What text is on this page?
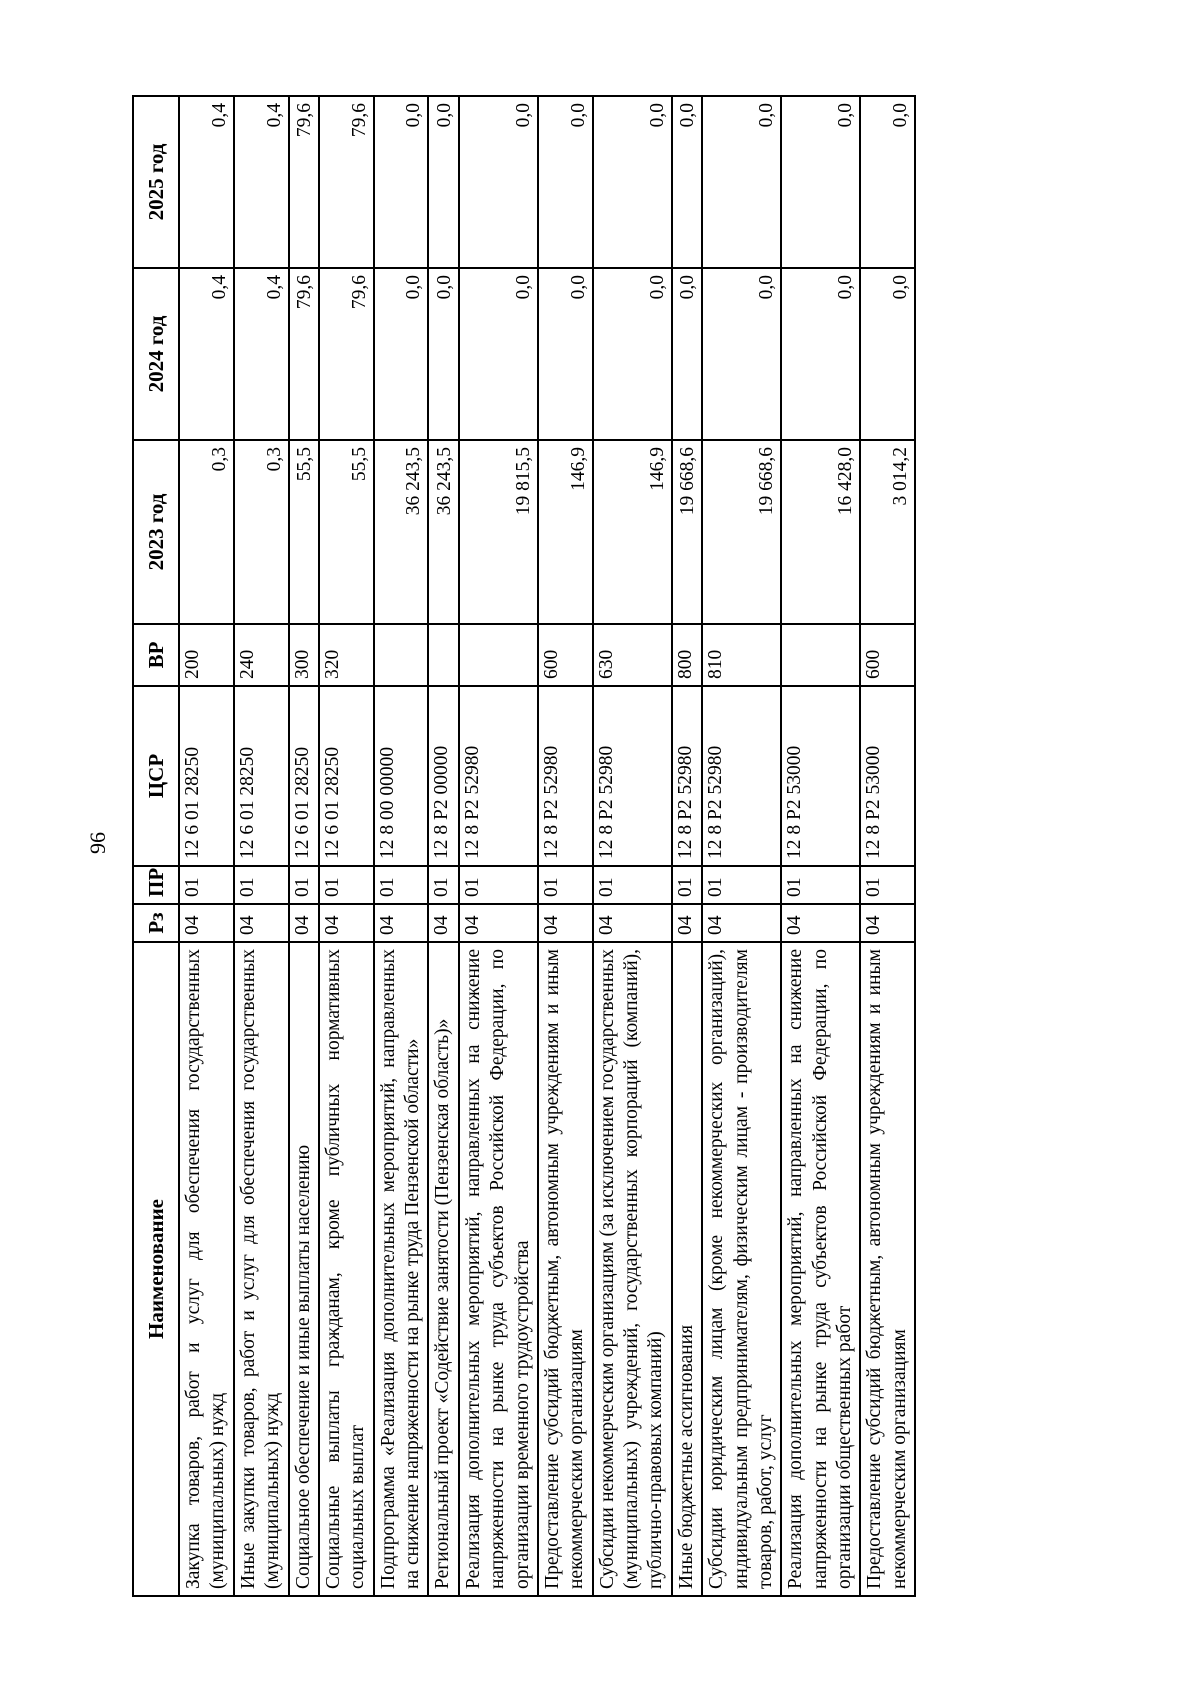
96
Наименование	Рз	ПР	ЦСР	ВР	2023 год	2024 год	2025 год
Закупка товаров, работ и услуг для обеспечения государственных (муниципальных) нужд	04	01	12 6 01 28250	200	0,3	0,4	0,4
Иные закупки товаров, работ и услуг для обеспечения государственных (муниципальных) нужд	04	01	12 6 01 28250	240	0,3	0,4	0,4
Социальное обеспечение и иные выплаты населению	04	01	12 6 01 28250	300	55,5	79,6	79,6
Социальные выплаты гражданам, кроме публичных нормативных социальных выплат	04	01	12 6 01 28250	320	55,5	79,6	79,6
Подпрограмма «Реализация дополнительных мероприятий, направленных на снижение напряженности на рынке труда Пензенской области»	04	01	12 8 00 00000		36 243,5	0,0	0,0
Региональный проект «Содействие занятости (Пензенская область)»	04	01	12 8 P2 00000		36 243,5	0,0	0,0
Реализация дополнительных мероприятий, направленных на снижение напряженности на рынке труда субъектов Российской Федерации, по организации временного трудоустройства	04	01	12 8 P2 52980		19 815,5	0,0	0,0
Предоставление субсидий бюджетным, автономным учреждениям и иным некоммерческим организациям	04	01	12 8 P2 52980	600	146,9	0,0	0,0
Субсидии некоммерческим организациям (за исключением государственных (муниципальных) учреждений, государственных корпораций (компаний), публично-правовых компаний)	04	01	12 8 P2 52980	630	146,9	0,0	0,0
Иные бюджетные ассигнования	04	01	12 8 P2 52980	800	19 668,6	0,0	0,0
Субсидии юридическим лицам (кроме некоммерческих организаций), индивидуальным предпринимателям, физическим лицам - производителям товаров, работ, услуг	04	01	12 8 P2 52980	810	19 668,6	0,0	0,0
Реализация дополнительных мероприятий, направленных на снижение напряженности на рынке труда субъектов Российской Федерации, по организации общественных работ	04	01	12 8 P2 53000		16 428,0	0,0	0,0
Предоставление субсидий бюджетным, автономным учреждениям и иным некоммерческим организациям	04	01	12 8 P2 53000	600	3 014,2	0,0	0,0
